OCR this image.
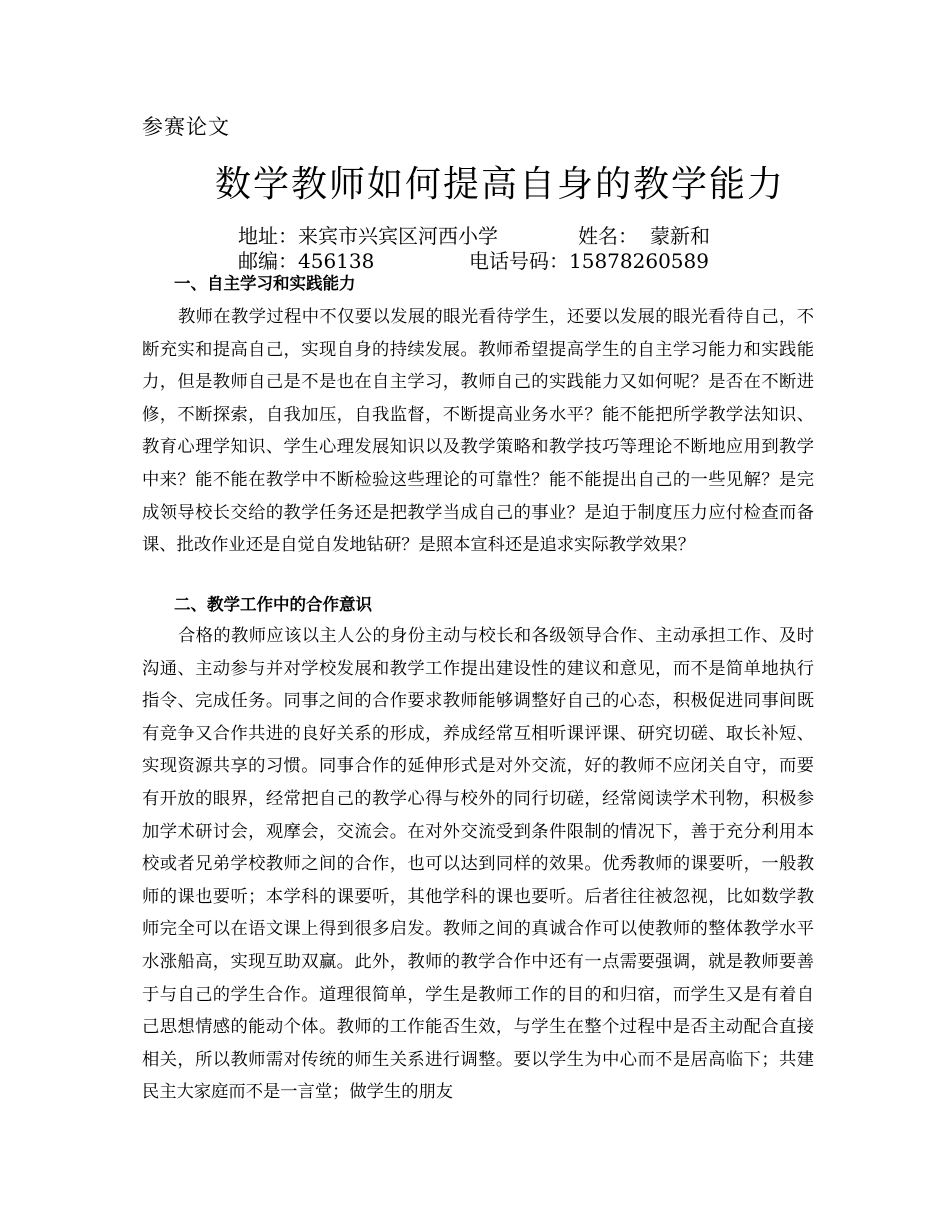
参赛论文
数学教师如何提高自身的教学能力
地址：来宾市兴宾区河西小学	姓名： 蒙新和
邮编：456138	电话号码：15878260589
一、自主学习和实践能力

教师在教学过程中不仅要以发展的眼光看待学生，还要以发展的眼光看待自己，不断充实和提高自己，实现自身的持续发展。教师希望提高学生的自主学习能力和实践能力，但是教师自己是不是也在自主学习，教师自己的实践能力又如何呢？是否在不断进修，不断探索，自我加压，自我监督，不断提高业务水平？能不能把所学教学法知识、教育心理学知识、学生心理发展知识以及教学策略和教学技巧等理论不断地应用到教学中来？能不能在教学中不断检验这些理论的可靠性？能不能提出自己的一些见解？是完成领导校长交给的教学任务还是把教学当成自己的事业？是迫于制度压力应付检查而备课、批改作业还是自觉自发地钻研？是照本宣科还是追求实际教学效果？

二、教学工作中的合作意识

合格的教师应该以主人公的身份主动与校长和各级领导合作、主动承担工作、及时沟通、主动参与并对学校发展和教学工作提出建设性的建议和意见，而不是简单地执行指令、完成任务。同事之间的合作要求教师能够调整好自己的心态，积极促进同事间既有竞争又合作共进的良好关系的形成，养成经常互相听课评课、研究切磋、取长补短、实现资源共享的习惯。同事合作的延伸形式是对外交流，好的教师不应闭关自守，而要有开放的眼界，经常把自己的教学心得与校外的同行切磋，经常阅读学术刊物，积极参加学术研讨会，观摩会，交流会。在对外交流受到条件限制的情况下，善于充分利用本校或者兄弟学校教师之间的合作，也可以达到同样的效果。优秀教师的课要听，一般教师的课也要听；本学科的课要听，其他学科的课也要听。后者往往被忽视，比如数学教师完全可以在语文课上得到很多启发。教师之间的真诚合作可以使教师的整体教学水平水涨船高，实现互助双赢。此外，教师的教学合作中还有一点需要强调，就是教师要善于与自己的学生合作。道理很简单，学生是教师工作的目的和归宿，而学生又是有着自己思想情感的能动个体。教师的工作能否生效，与学生在整个过程中是否主动配合直接相关，所以教师需对传统的师生关系进行调整。要以学生为中心而不是居高临下；共建民主大家庭而不是一言堂；做学生的朋友
